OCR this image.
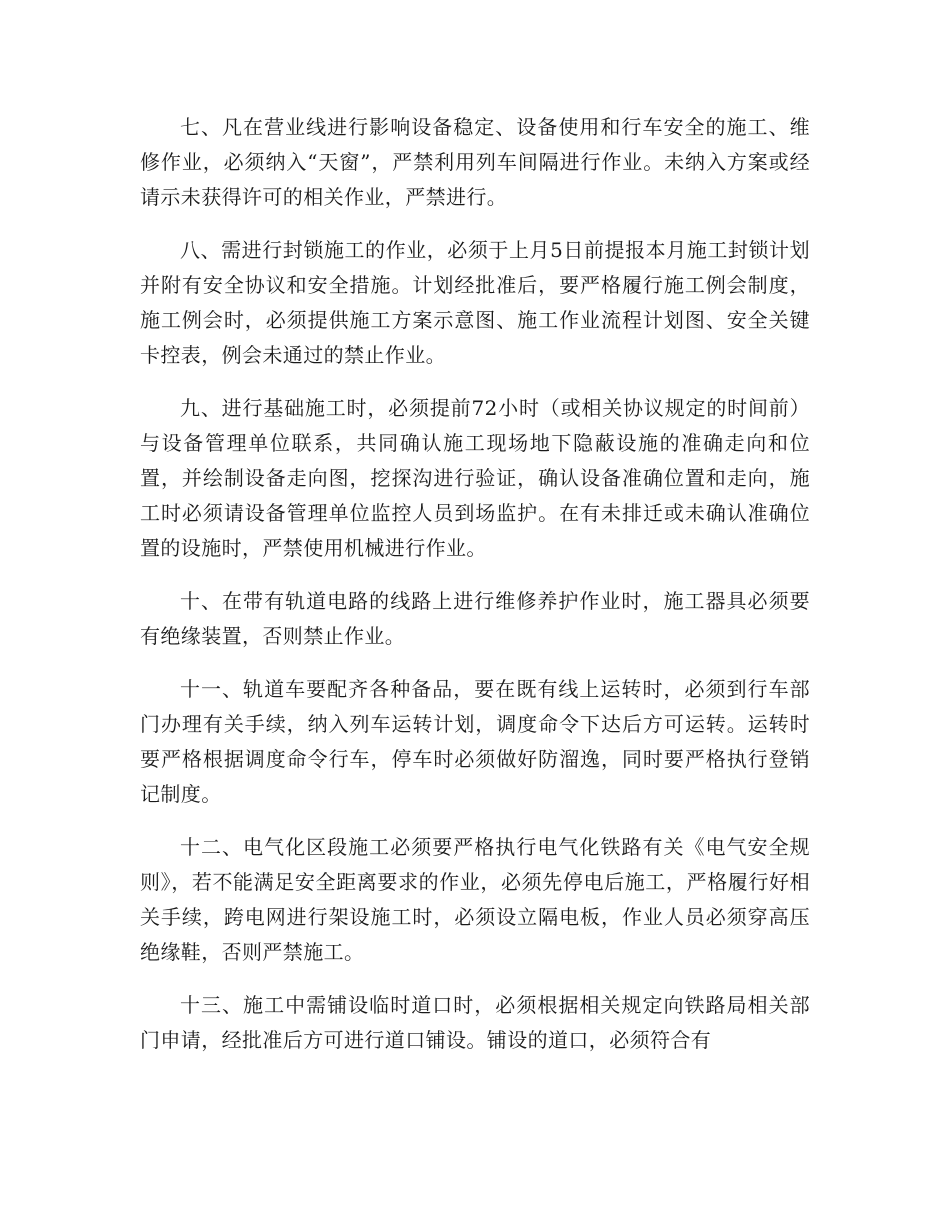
七、凡在营业线进行影响设备稳定、设备使用和行车安全的施工、维修作业，必须纳入“天窗”，严禁利用列车间隔进行作业。未纳入方案或经请示未获得许可的相关作业，严禁进行。

八、需进行封锁施工的作业，必须于上月5日前提报本月施工封锁计划并附有安全协议和安全措施。计划经批准后，要严格履行施工例会制度，施工例会时，必须提供施工方案示意图、施工作业流程计划图、安全关键卡控表，例会未通过的禁止作业。

九、进行基础施工时，必须提前72小时（或相关协议规定的时间前）与设备管理单位联系，共同确认施工现场地下隐蔽设施的准确走向和位置，并绘制设备走向图，挖探沟进行验证，确认设备准确位置和走向，施工时必须请设备管理单位监控人员到场监护。在有未排迁或未确认准确位置的设施时，严禁使用机械进行作业。

十、在带有轨道电路的线路上进行维修养护作业时，施工器具必须要有绝缘装置，否则禁止作业。

十一、轨道车要配齐各种备品，要在既有线上运转时，必须到行车部门办理有关手续，纳入列车运转计划，调度命令下达后方可运转。运转时要严格根据调度命令行车，停车时必须做好防溜逸，同时要严格执行登销记制度。

十二、电气化区段施工必须要严格执行电气化铁路有关《电气安全规则》，若不能满足安全距离要求的作业，必须先停电后施工，严格履行好相关手续，跨电网进行架设施工时，必须设立隔电板，作业人员必须穿高压绝缘鞋，否则严禁施工。

十三、施工中需铺设临时道口时，必须根据相关规定向铁路局相关部门申请，经批准后方可进行道口铺设。铺设的道口，必须符合有
